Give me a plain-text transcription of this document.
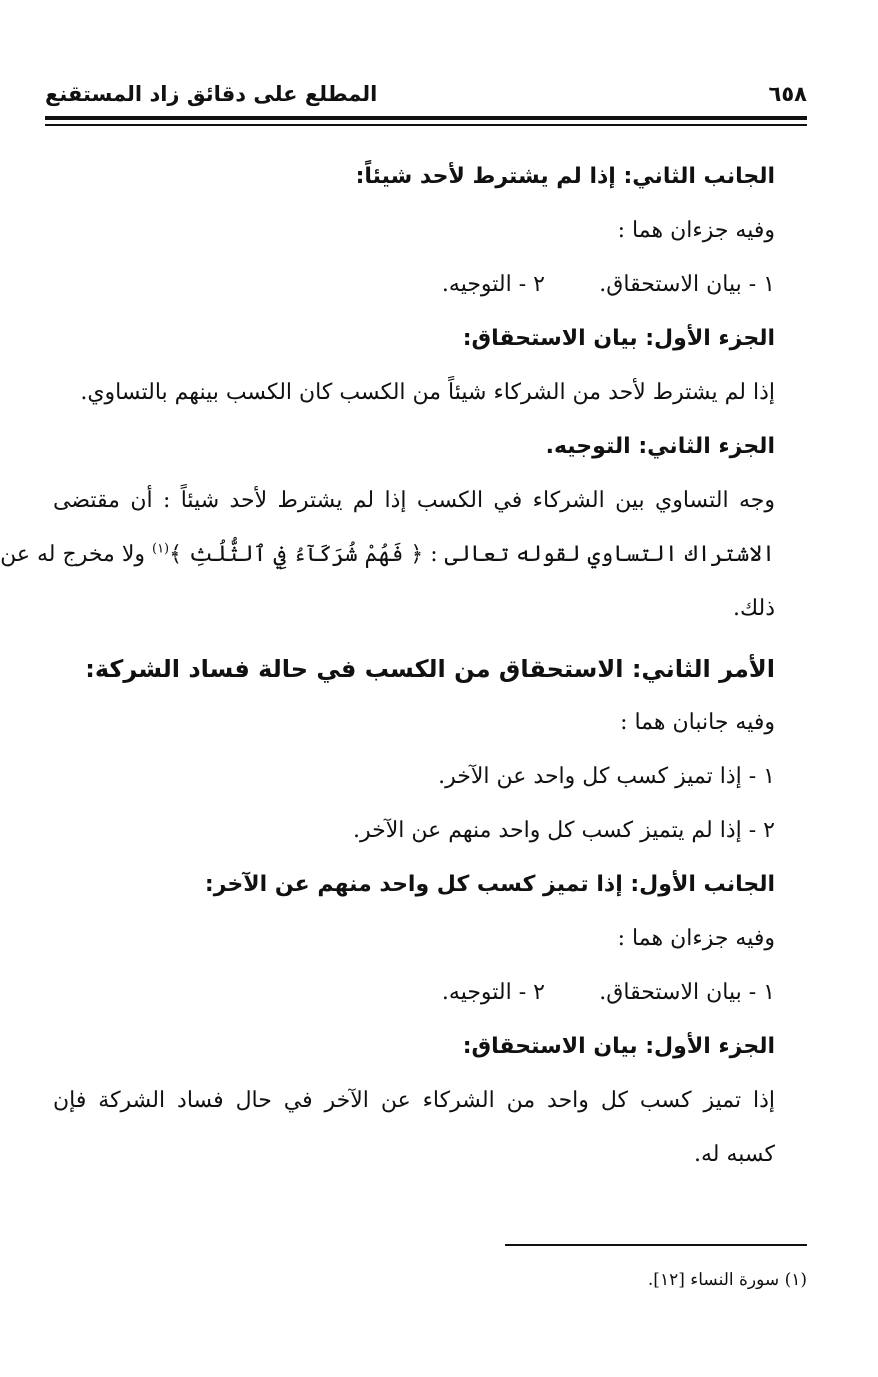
المطلع على دقائق زاد المستقنع	٦٥٨
الجانب الثاني: إذا لم يشترط لأحد شيئاً:
وفيه جزءان هما :
١ - بيان الاستحقاق.
٢ - التوجيه.
الجزء الأول: بيان الاستحقاق:
إذا لم يشترط لأحد من الشركاء شيئاً من الكسب كان الكسب بينهم بالتساوي.
الجزء الثاني: التوجيه.
وجه التساوي بين الشركاء في الكسب إذا لم يشترط لأحد شيئاً : أن مقتضى
الاشتراك التساوي لقوله تعالى : ﴿ فَهُمْ شُرَكَآءُ فِي ٱلثُّلُثِ ﴾$^{(١)}$ ولا مخرج له عن
ذلك.
الأمر الثاني: الاستحقاق من الكسب في حالة فساد الشركة:
وفيه جانبان هما :
١ - إذا تميز كسب كل واحد عن الآخر.
٢ - إذا لم يتميز كسب كل واحد منهم عن الآخر.
الجانب الأول: إذا تميز كسب كل واحد منهم عن الآخر:
وفيه جزءان هما :
١ - بيان الاستحقاق.
٢ - التوجيه.
الجزء الأول: بيان الاستحقاق:
إذا تميز كسب كل واحد من الشركاء عن الآخر في حال فساد الشركة فإن
كسبه له.
(١) سورة النساء [١٢].
